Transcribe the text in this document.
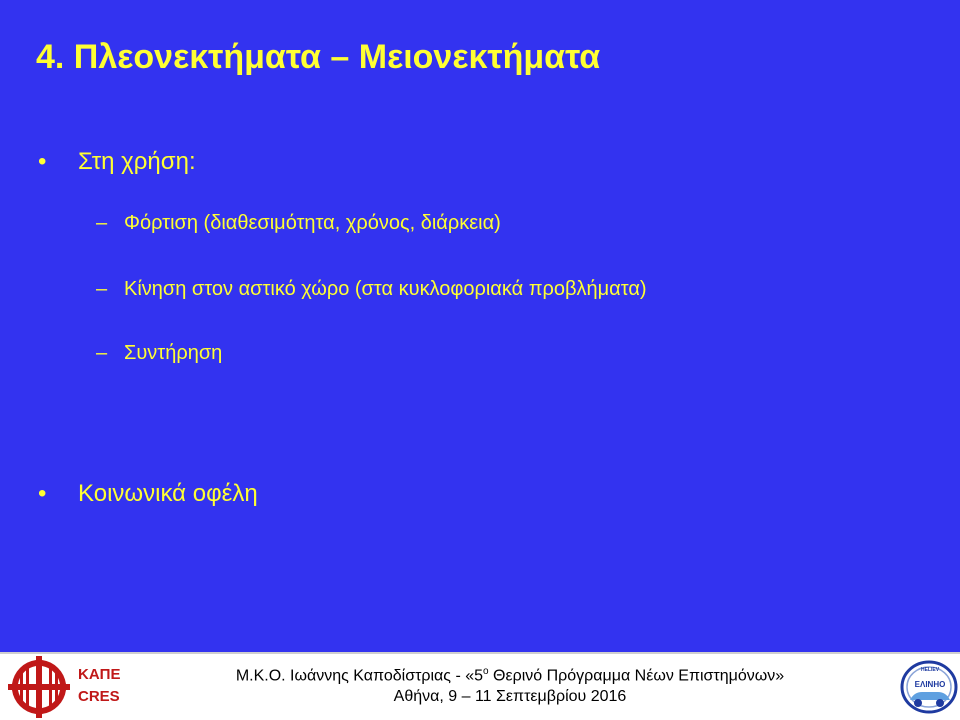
4. Πλεονεκτήματα – Μειονεκτήματα
• Στη χρήση:
– Φόρτιση (διαθεσιμότητα, χρόνος, διάρκεια)
– Κίνηση στον αστικό χώρο (στα κυκλοφοριακά προβλήματα)
– Συντήρηση
• Κοινωνικά οφέλη
ΚΑΠΕ
CRES
Μ.Κ.Ο. Ιωάννης Καποδίστριας - «$5^o$ Θερινό Πρόγραμμα Νέων Επιστημόνων»
Αθήνα, 9 – 11 Σεπτεμβρίου 2016
HELIEV
ΕΛΙΝΗΟ
